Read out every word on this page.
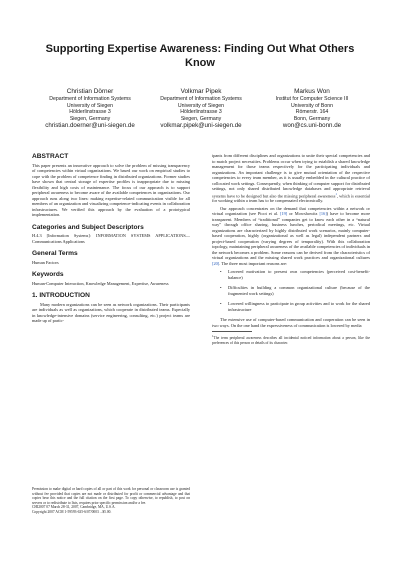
Supporting Expertise Awareness: Finding Out What Others Know
Christian Dörner
Department of Information Systems
University of Siegen
Hölderlinstrasse 3
Siegen, Germany
christian.doerner@uni-siegen.de
Volkmar Pipek
Department of Information Systems
University of Siegen
Hölderlinstrasse 3
Siegen, Germany
volkmar.pipek@uni-siegen.de
Markus Won
Institut for Computer Science III
University of Bonn
Römerstr. 164
Bonn, Germany
won@cs.uni-bonn.de
ABSTRACT

This paper presents an innovative approach to solve the problem of missing transparency of competencies within virtual organizations. We based our work on empirical studies to cope with the problem of competence finding in distributed organizations. Former studies have shown that central storage of expertise profiles is inappropriate due to missing flexibility and high costs of maintenance. The focus of our approach is to support peripheral awareness to become aware of the available competences in organizations. Our approach runs along two lines: making expertise-related communication visible for all members of an organization and visualizing competence-indicating events in collaboration infrastructures. We verified this approach by the evaluation of a prototypical implementation.

Categories and Subject Descriptors

H.4.3 [Information Systems]: INFORMATION SYSTEMS APPLICATIONS—Communications Applications

General Terms

Human Factors

Keywords

Human-Computer Interaction, Knowledge Management, Expertise, Awareness

1. INTRODUCTION

Many modern organizations can be seen as network organizations. Their participants are individuals as well as organizations, which cooperate in distributed teams. Especially in knowledge-intensive domains (service engineering, consulting, etc.) project teams are made up of partic-

Permission to make digital or hard copies of all or part of this work for personal or classroom use is granted without fee provided that copies are not made or distributed for profit or commercial advantage and that copies bear this notice and the full citation on the first page. To copy otherwise, to republish, to post on servers or to redistribute to lists, requires prior specific permission and/or a fee.

CHI2007 07 March 28-31, 2007, Cambridge, MA, U.S.A.

Copyright 2007 ACM 1-59593-635-6/07/0003 ...$5.00.

ipants from different disciplines and organizations to unite their special competencies and to match project necessities. Problems occur when trying to establish a shared knowledge management for those teams respectively for the participating individuals and organizations. An important challenge is to give mutual orientation of the respective competencies to every team member, as it is usually embedded in the cultural practice of collocated work settings. Consequently, when thinking of computer support for distributed settings, not only shared distributed knowledge databases and appropriate retrieval systems have to be designed but also the missing peripheral awareness$^1$, which is essential for working within a team has to be compensated electronically.

Our approach concentrates on the demand that competencies within a network or virtual organization (see Picot et al. [19] or Mowshowitz [16]) have to become more transparent. Members of “traditional” companies get to know each other in a “natural way” through office sharing, business lunches, periodical meetings, etc. Virtual organizations are characterized by highly distributed work scenarios, mainly computer-based cooperation, highly (organizational as well as legal) independent partners and project-based cooperation (varying degrees of temporality). With this collaboration topology, maintaining peripheral awareness of the available competencies of individuals in the network becomes a problem. Some reasons can be derived from the characteristics of virtual organizations and the missing shared work practices and organizational cultures [20]. The three most important reasons are:

• Lowered motivation to present own competencies (perceived cost-benefit-balance)
• Difficulties in building a common organizational culture (because of the fragmented work settings)
• Lowered willingness to participate in group activities and to work for the shared infrastructure

The extensive use of computer-based communication and cooperation can be seen in two ways. On the one hand the expressiveness of communication is lowered by media

$^1$The term peripheral awareness describes all incidental noticed information about a person, like the preferences of this person or details of its character.
